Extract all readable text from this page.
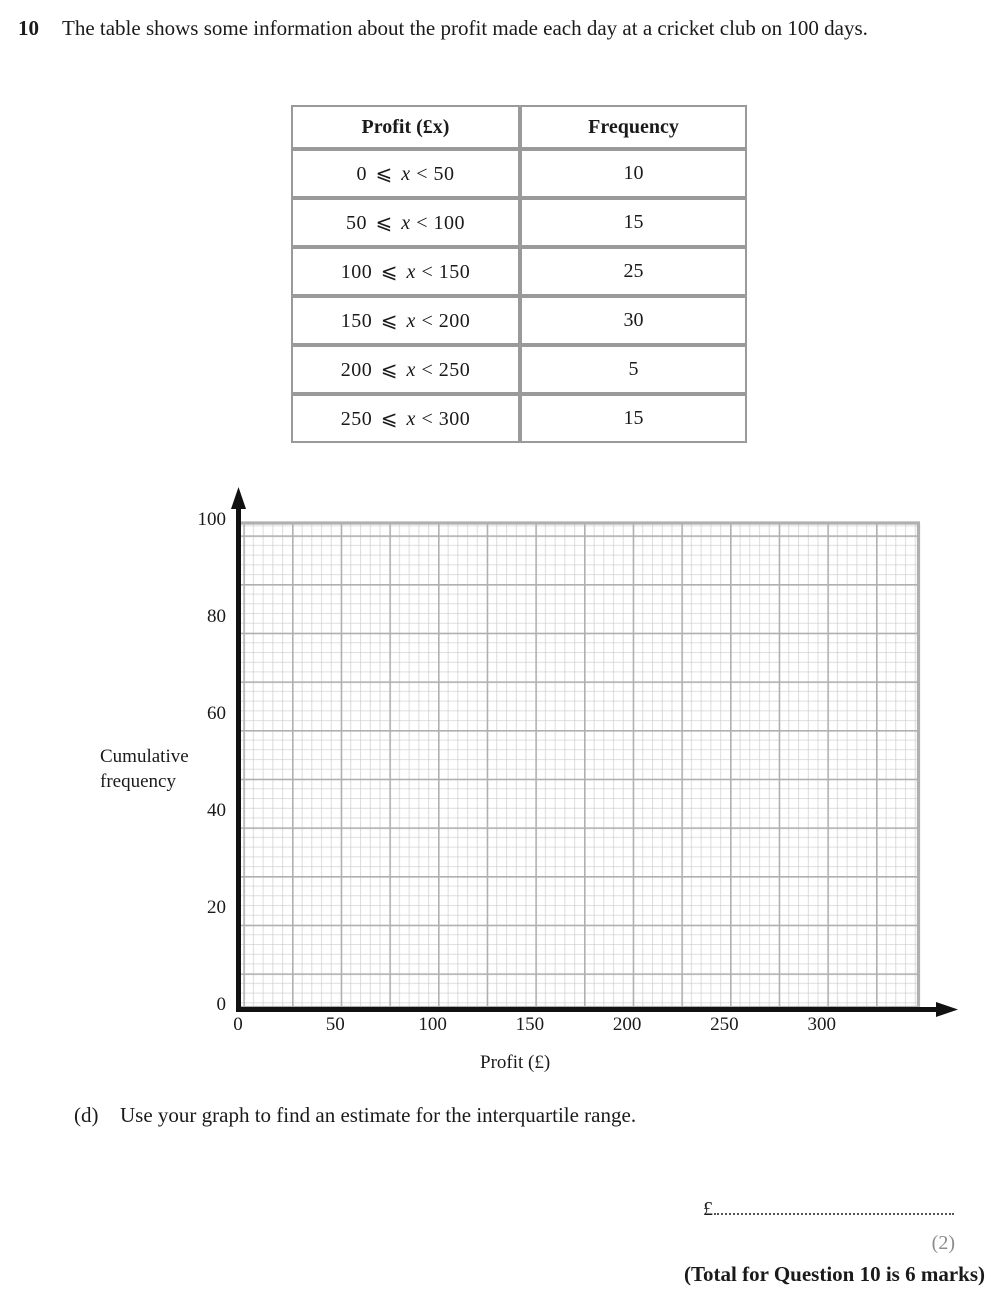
10 The table shows some information about the profit made each day at a cricket club on 100 days.
Profit (£x)	Frequency
0 ⩽ x < 50	10
50 ⩽ x < 100	15
100 ⩽ x < 150	25
150 ⩽ x < 200	30
200 ⩽ x < 250	5
250 ⩽ x < 300	15
Cumulative
frequency
Profit (£)
0
20
40
60
80
100
0	50	100	150	200	250	300
(d) Use your graph to find an estimate for the interquartile range.
£
(2)
(Total for Question 10 is 6 marks)
